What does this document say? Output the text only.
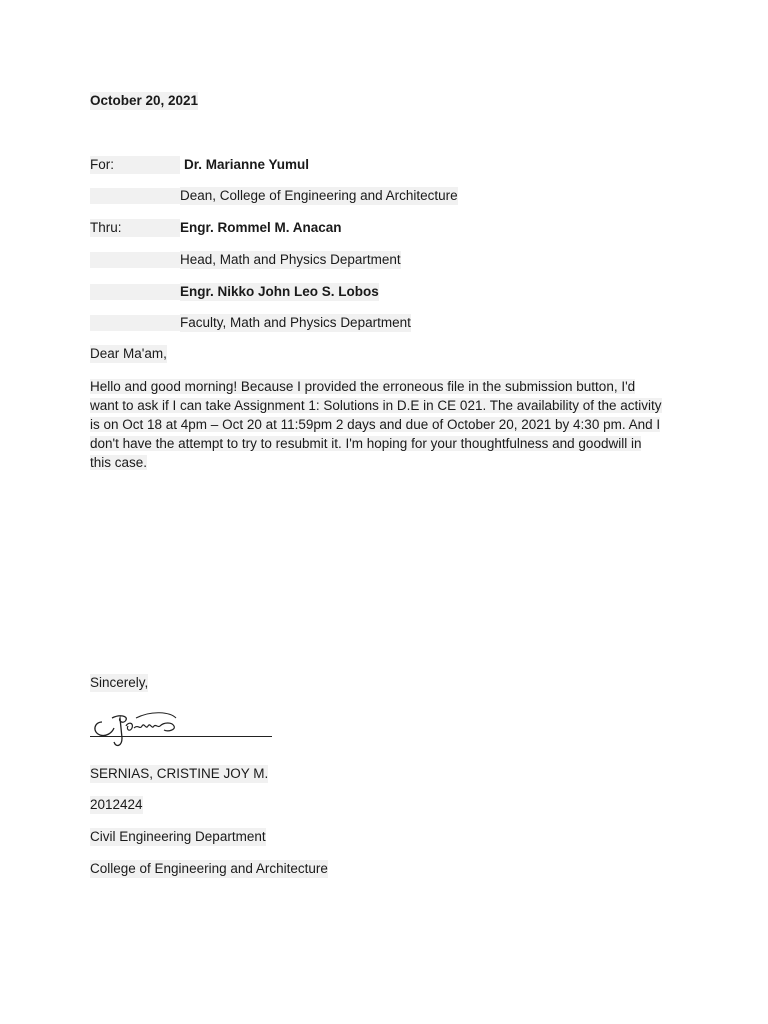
October 20, 2021
For:	Dr. Marianne Yumul
Dean, College of Engineering and Architecture
Thru:	Engr. Rommel M. Anacan
Head, Math and Physics Department
Engr. Nikko John Leo S. Lobos
Faculty, Math and Physics Department
Dear Ma'am,
Hello and good morning! Because I provided the erroneous file in the submission button, I'd
want to ask if I can take Assignment 1: Solutions in D.E in CE 021. The availability of the activity
is on Oct 18 at 4pm – Oct 20 at 11:59pm 2 days and due of October 20, 2021 by 4:30 pm. And I
don't have the attempt to try to resubmit it. I'm hoping for your thoughtfulness and goodwill in
this case.
Sincerely,
SERNIAS, CRISTINE JOY M.
2012424
Civil Engineering Department
College of Engineering and Architecture
